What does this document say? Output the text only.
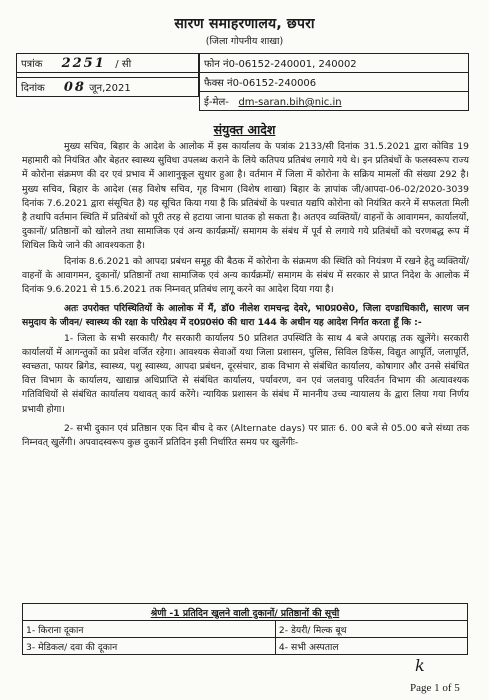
सारण समाहरणालय, छपरा
(जिला गोपनीय शाखा)
पत्रांक 2251 / सी

दिनांक 08 जून,2021
फोन नं0-06152-240001, 240002
फैक्स नं0-06152-240006
ई-मेल- dm-saran.bih@nic.in
संयुक्त आदेश

मुख्य सचिव, बिहार के आदेश के आलोक में इस कार्यालय के पत्रांक 2133/सी दिनांक 31.5.2021 द्वारा कोविड 19 महामारी को नियंत्रित और बेहतर स्वास्थ्य सुविधा उपलब्ध कराने के लिये कतिपय प्रतिबंध लगाये गये थे। इन प्रतिबंधों के फलस्वरूप राज्य में कोरोना संक्रमण की दर एवं प्रभाव में आशानुकूल सुधार हुआ है। वर्तमान में जिला में कोरोना के सक्रिय मामलों की संख्या 292 है। मुख्य सचिव, बिहार के आदेश (सह विशेष सचिव, गृह विभाग (विशेष शाखा) बिहार के ज्ञापांक जी/आपदा-06-02/2020-3039 दिनांक 7.6.2021 द्वारा संसूचित है) यह सूचित किया गया है कि प्रतिबंधों के पश्चात यद्यपि कोरोना को नियंत्रित करने में सफलता मिली है तथापि वर्तमान स्थिति में प्रतिबंधों को पूरी तरह से हटाया जाना घातक हो सकता है। अतएव व्यक्तियों/ वाहनों के आवागमन, कार्यालयों, दुकानों/ प्रतिष्ठानों को खोलने तथा सामाजिक एवं अन्य कार्यक्रमों/ समागम के संबंध में पूर्व से लगाये गये प्रतिबंधों को चरणबद्ध रूप में शिथिल किये जाने की आवश्यकता है।

दिनांक 8.6.2021 को आपदा प्रबंधन समूह की बैठक में कोरोना के संक्रमण की स्थिति को नियंत्रण में रखने हेतु व्यक्तियों/ वाहनों के आवागमन, दुकानों/ प्रतिष्ठानों तथा सामाजिक एवं अन्य कार्यक्रमों/ समागम के संबंध में सरकार से प्राप्त निदेश के आलोक में दिनांक 9.6.2021 से 15.6.2021 तक निम्नवत् प्रतिबंध लागू करने का आदेश दिया गया है।

अतः उपरोक्त परिस्थितियों के आलोक में मैं, डॉ0 नीलेश रामचन्द्र देवरे, भा0प्र0से0, जिला दण्डाधिकारी, सारण जन समुदाय के जीवन/ स्वास्थ्य की रक्षा के परिप्रेक्ष्य में द0प्र0सं0 की धारा 144 के अधीन यह आदेश निर्गत करता हूँ कि :-

1- जिला के सभी सरकारी/ गैर सरकारी कार्यालय 50 प्रतिशत उपस्थिति के साथ 4 बजे अपराह्न तक खुलेंगे। सरकारी कार्यालयों में आगन्तुकों का प्रवेश वर्जित रहेगा। आवश्यक सेवाओं यथा जिला प्रशासन, पुलिस, सिविल डिफेंस, विद्युत आपूर्ति, जलापूर्ति, स्वच्छता, फायर ब्रिगेड, स्वास्थ्य, पशु स्वास्थ्य, आपदा प्रबंधन, दूरसंचार, डाक विभाग से संबंधित कार्यालय, कोषागार और उनसे संबंधित वित्त विभाग के कार्यालय, खाद्यान्न अधिप्राप्ति से संबंधित कार्यालय, पर्यावरण, वन एवं जलवायु परिवर्तन विभाग की अत्यावश्यक गतिविधियों से संबंधित कार्यालय यथावत् कार्य करेंगे। न्यायिक प्रशासन के संबंध में माननीय उच्च न्यायालय के द्वारा लिया गया निर्णय प्रभावी होगा।

2- सभी दुकान एवं प्रतिष्ठान एक दिन बीच दे कर (Alternate days) पर प्रातः 6. 00 बजे से 05.00 बजे संध्या तक निम्नवत् खुलेंगी। अपवादस्वरूप कुछ दुकानें प्रतिदिन इसी निर्धारित समय पर खुलेंगीः-

श्रेणी -1 प्रतिदिन खुलने वाली दुकानों/ प्रतिष्ठानों की सूची	
1- किराना दूकान	2- डेयरी/ मिल्क बूथ
3- मेडिकल/ दवा की दूकान	4- सभी अस्पताल
k
Page 1 of 5
